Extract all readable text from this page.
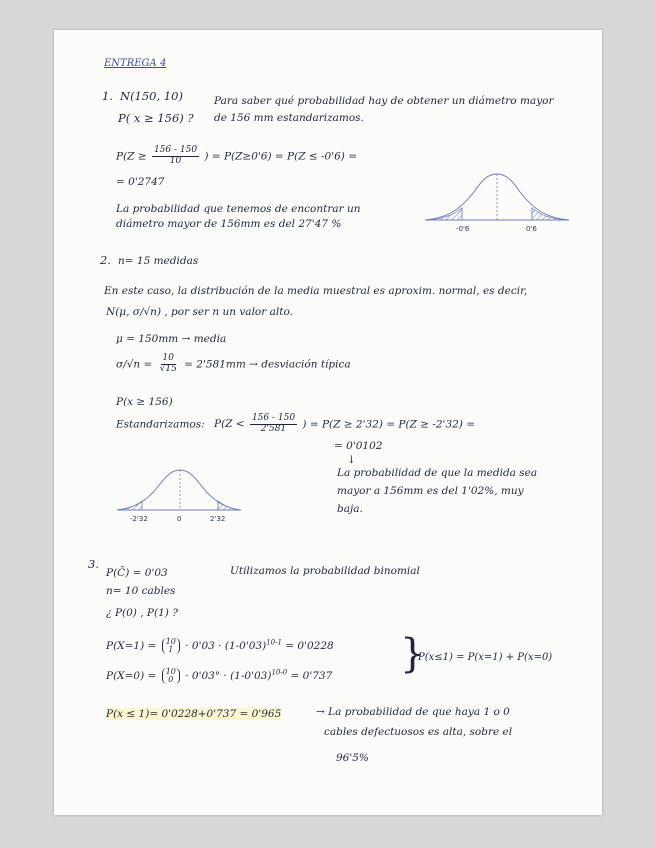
ENTREGA 4
1. N(150, 10)
P( x ≥ 156) ?
Para saber qué probabilidad hay de obtener un diámetro mayor
de 156 mm estandarizamos.
$P(Z \ge \frac{156 - 150}{10}$ ) = P(Z≥0'6) = P(Z ≤ -0'6) =
= 0'2747
La probabilidad que tenemos de encontrar un
diámetro mayor de 156mm es del 27'47 %	-0'6	0'6
2. n= 15 medidas
En este caso, la distribución de la media muestral es aproxim. normal, es decir,
N(μ, σ/√n) , por ser n un valor alto.
μ = 150mm → media
$\sigma/√n = \frac{10}{√15} = 2'581mm$ → desviación típica
P(x ≥ 156)
Estandarizamos: $P(Z < \frac{156 - 150}{2'581}$ ) = P(Z ≥ 2'32) = P(Z ≥ -2'32) =
= 0'0102
↓
La probabilidad de que la medida sea
mayor a 156mm es del 1'02%, muy
baja.
-2'32	0	2'32
3.
P(C̄) = 0'03	Utilizamos la probabilidad binomial
n= 10 cables
¿ P(0) , P(1) ?
P(X=1) = 10
$1 \cdot 0'03 \cdot (1-0'03)^{10-1} = 0'0228$
P(X=0) = 10
$0 \cdot 0'03^\circ \cdot (1-0'03)^{10-0} = 0'737$ }
P(x≤1) = P(x=1) + P(x=0)
P(x ≤ 1)= 0'0228+0'737 = 0'965	→ La probabilidad de que haya 1 o 0
cables defectuosos es alta, sobre el
96'5%
